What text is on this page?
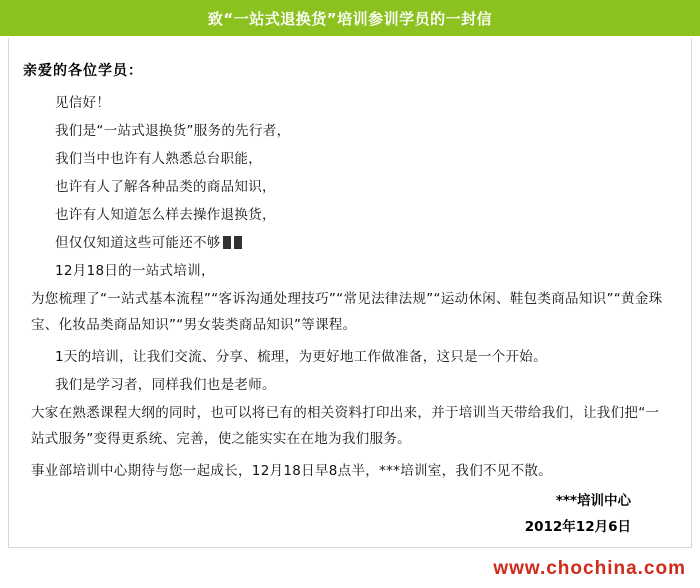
致“一站式退换货”培训参训学员的一封信
亲爱的各位学员：

见信好！

我们是“一站式退换货”服务的先行者，

我们当中也许有人熟悉总台职能，

也许有人了解各种品类的商品知识，

也许有人知道怎么样去操作退换货，

但仅仅知道这些可能还不够

12月18日的一站式培训，

为您梳理了“一站式基本流程”“客诉沟通处理技巧”“常见法律法规”“运动休闲、鞋包类商品知识”“黄金珠宝、化妆品类商品知识”“男女装类商品知识”等课程。

1天的培训，让我们交流、分享、梳理，为更好地工作做准备，这只是一个开始。

我们是学习者，同样我们也是老师。

大家在熟悉课程大纲的同时，也可以将已有的相关资料打印出来，并于培训当天带给我们，让我们把“一站式服务”变得更系统、完善，使之能实实在在地为我们服务。

事业部培训中心期待与您一起成长，12月18日早8点半，***培训室，我们不见不散。

***培训中心
2012年12月6日
www.chochina.com
